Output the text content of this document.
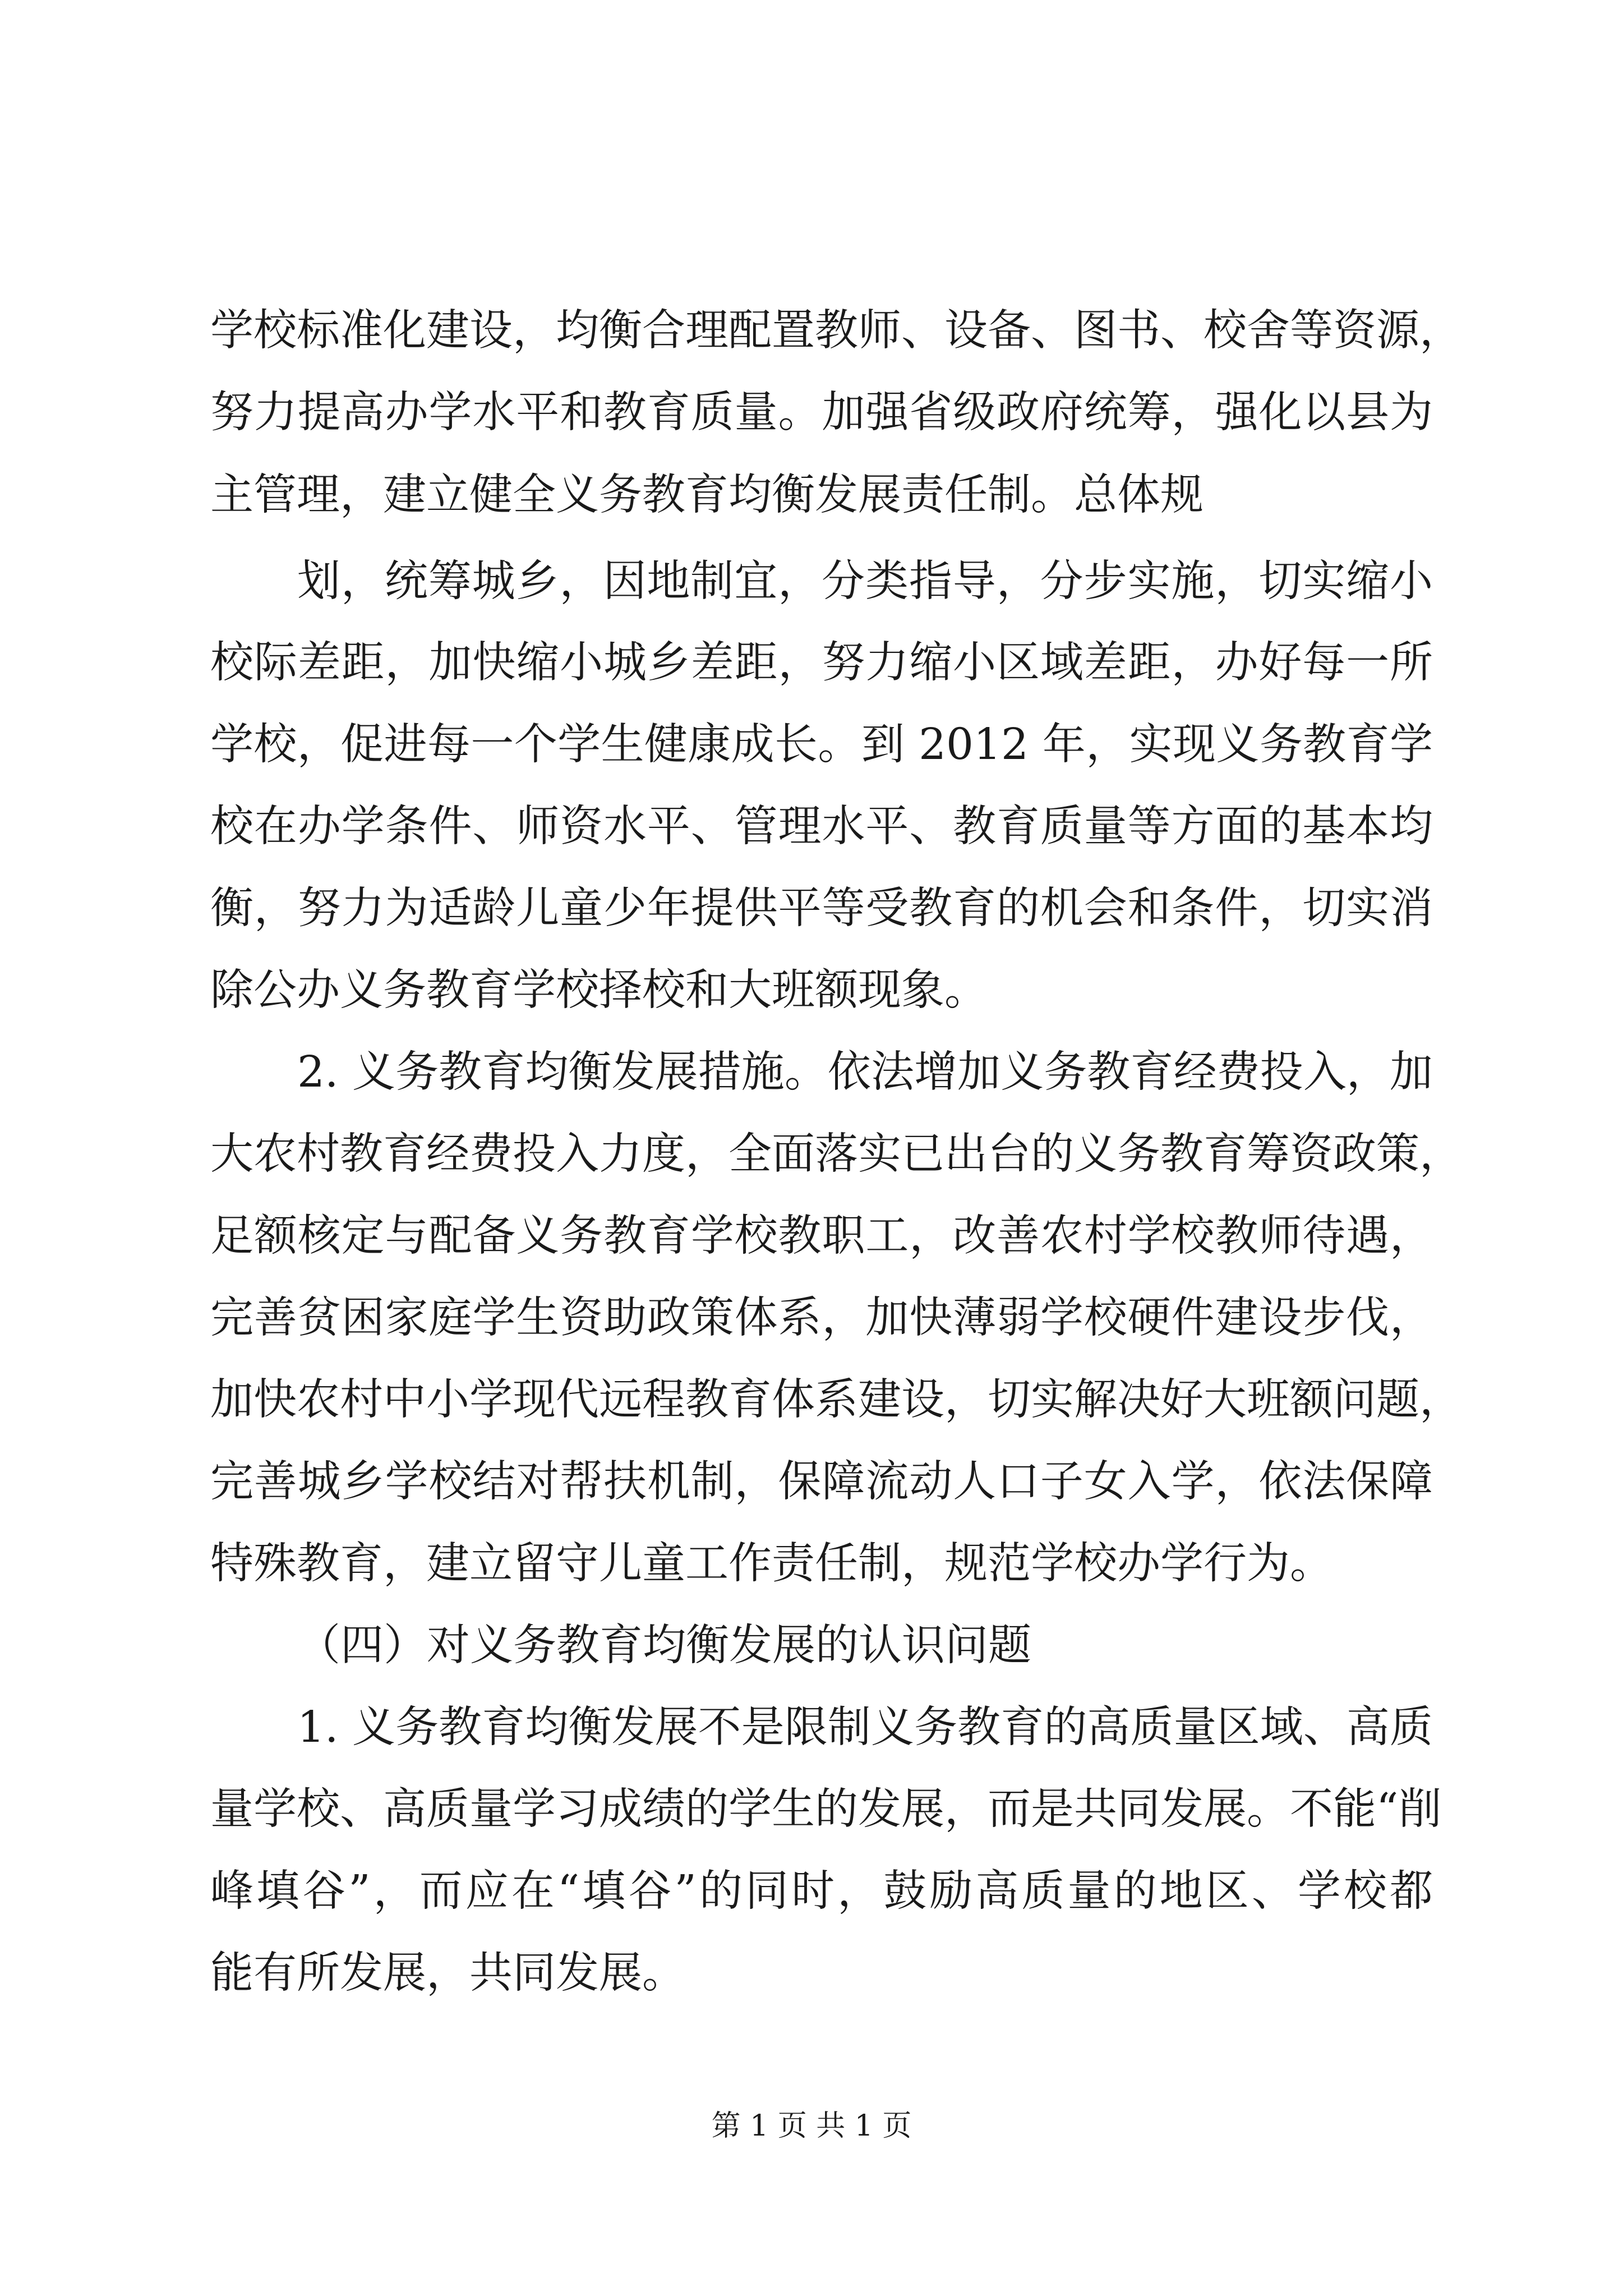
学校标准化建设，均衡合理配置教师、设备、图书、校舍等资源，
努力提高办学水平和教育质量。加强省级政府统筹，强化以县为
主管理，建立健全义务教育均衡发展责任制。总体规
划，统筹城乡，因地制宜，分类指导，分步实施，切实缩小
校际差距，加快缩小城乡差距，努力缩小区域差距，办好每一所
学校，促进每一个学生健康成长。到 2012 年，实现义务教育学
校在办学条件、师资水平、管理水平、教育质量等方面的基本均
衡，努力为适龄儿童少年提供平等受教育的机会和条件，切实消
除公办义务教育学校择校和大班额现象。
2. 义务教育均衡发展措施。依法增加义务教育经费投入，加
大农村教育经费投入力度，全面落实已出台的义务教育筹资政策，
足额核定与配备义务教育学校教职工，改善农村学校教师待遇，
完善贫困家庭学生资助政策体系，加快薄弱学校硬件建设步伐，
加快农村中小学现代远程教育体系建设，切实解决好大班额问题，
完善城乡学校结对帮扶机制，保障流动人口子女入学，依法保障
特殊教育，建立留守儿童工作责任制，规范学校办学行为。
（四）对义务教育均衡发展的认识问题
1. 义务教育均衡发展不是限制义务教育的高质量区域、高质
量学校、高质量学习成绩的学生的发展，而是共同发展。不能“削
峰填谷”，而应在“填谷”的同时，鼓励高质量的地区、学校都
能有所发展，共同发展。
第 1 页 共 1 页
